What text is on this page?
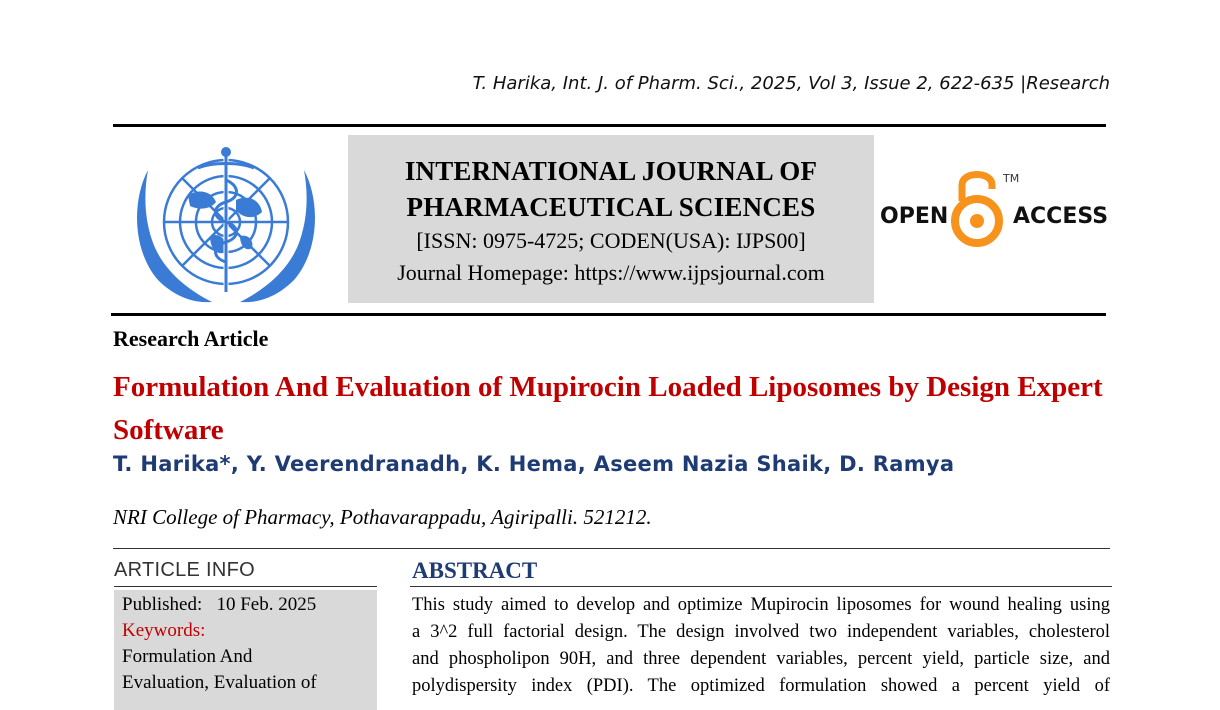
T. Harika, Int. J. of Pharm. Sci., 2025, Vol 3, Issue 2, 622-635 |Research
INTERNATIONAL JOURNAL OF
PHARMACEUTICAL SCIENCES
[ISSN: 0975-4725; CODEN(USA): IJPS00]
Journal Homepage: https://www.ijpsjournal.com
OPEN	ACCESS
TM
Research Article
Formulation And Evaluation of Mupirocin Loaded Liposomes by Design Expert Software
T. Harika*, Y. Veerendranadh, K. Hema, Aseem Nazia Shaik, D. Ramya
NRI College of Pharmacy, Pothavarappadu, Agiripalli. 521212.
ARTICLE INFO
Published: 10 Feb. 2025
Keywords:
Formulation And
Evaluation, Evaluation of
ABSTRACT
This study aimed to develop and optimize Mupirocin liposomes for wound healing using
a 3^2 full factorial design. The design involved two independent variables, cholesterol
and phospholipon 90H, and three dependent variables, percent yield, particle size, and
polydispersity index (PDI). The optimized formulation showed a percent yield of
